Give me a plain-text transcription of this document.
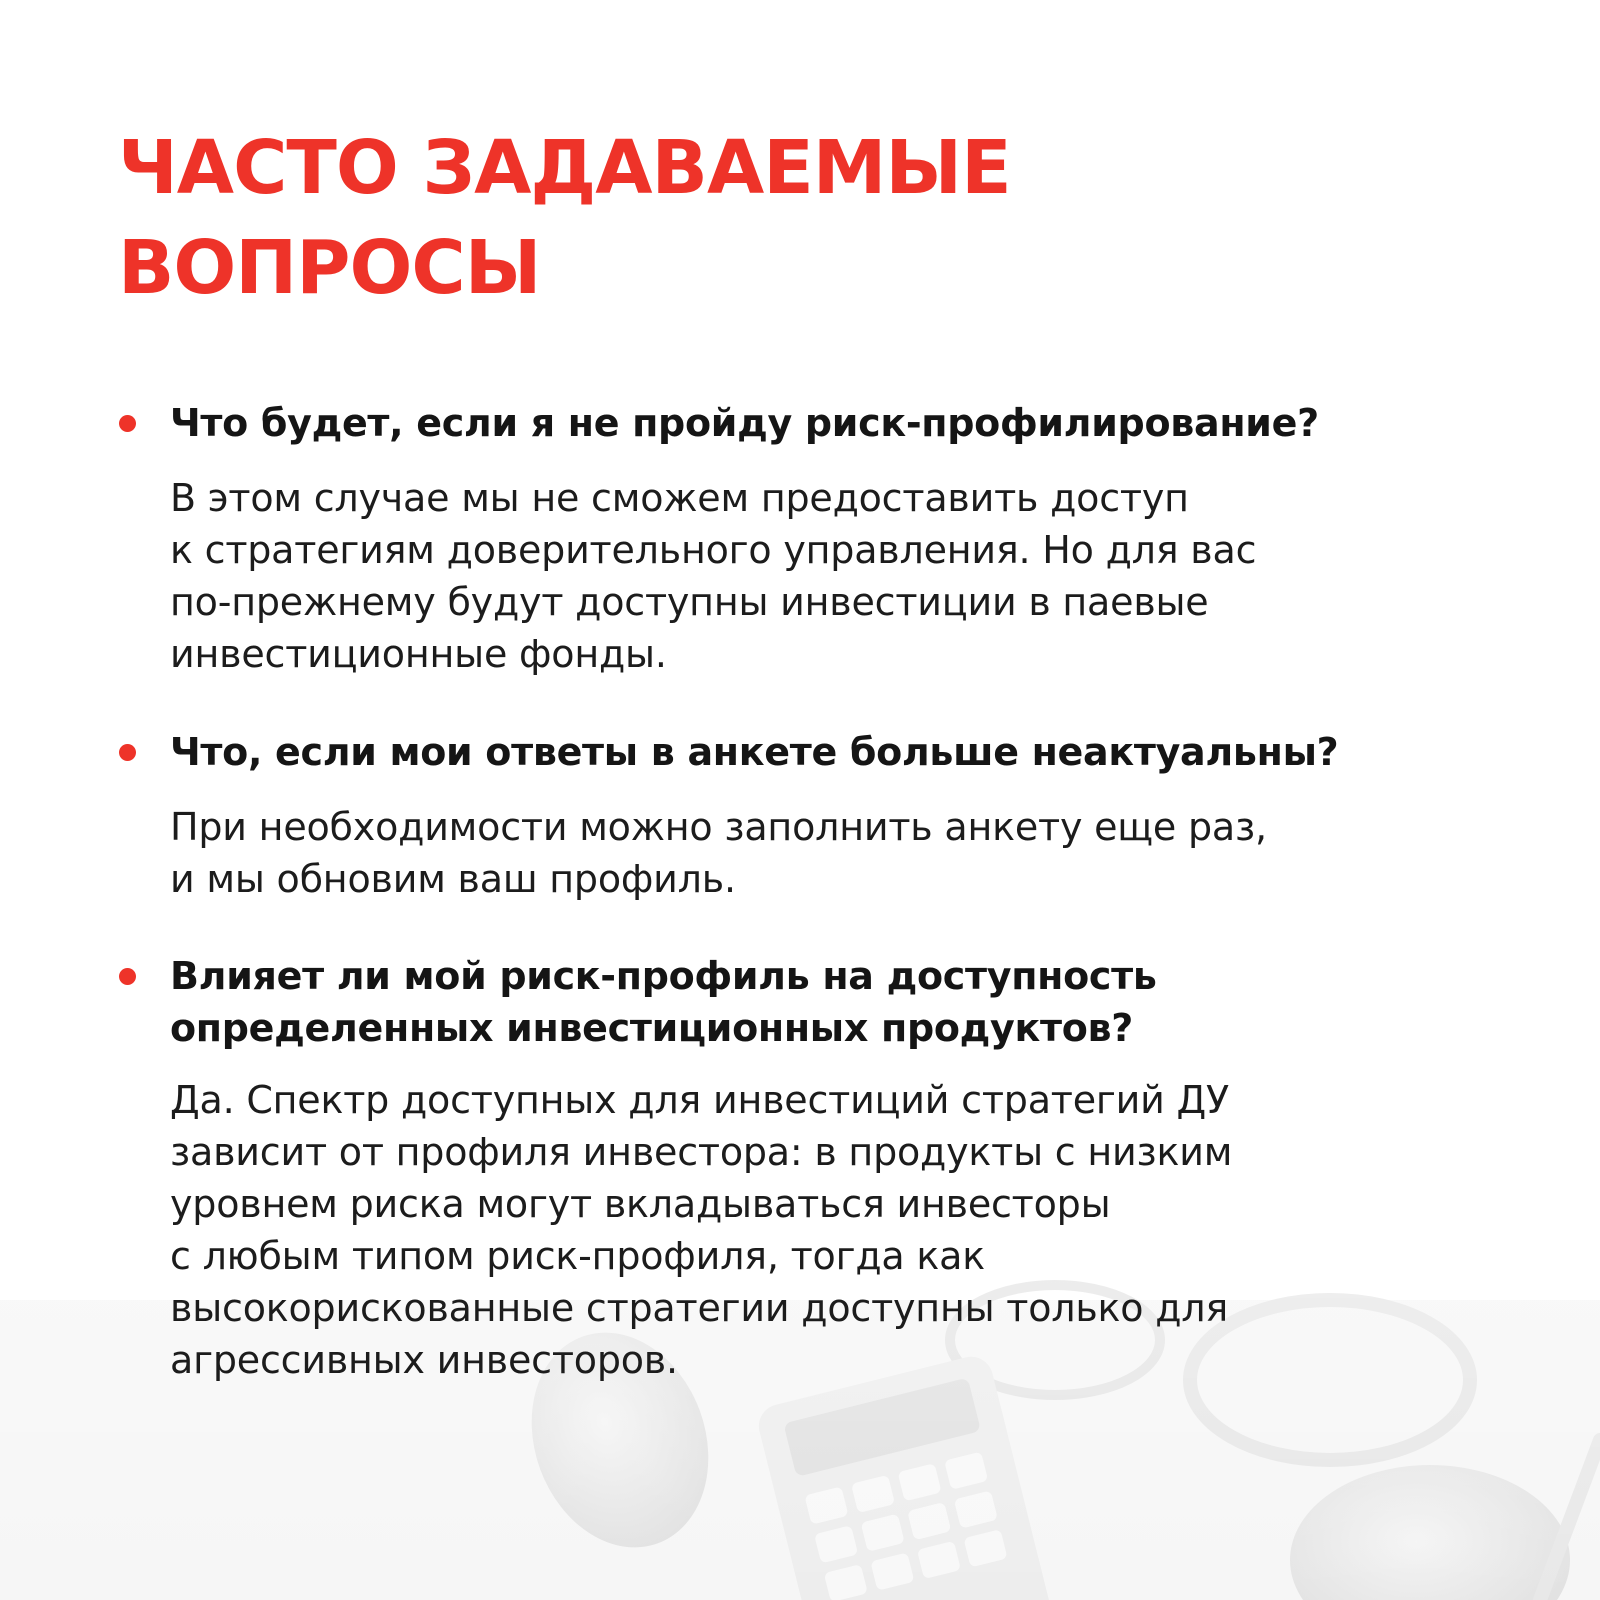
ЧАСТО ЗАДАВАЕМЫЕ
ВОПРОСЫ
Что будет, если я не пройду риск-профилирование?

В этом случае мы не сможем предоставить доступ
к стратегиям доверительного управления. Но для вас
по-прежнему будут доступны инвестиции в паевые
инвестиционные фонды.

Что, если мои ответы в анкете больше неактуальны?

При необходимости можно заполнить анкету еще раз,
и мы обновим ваш профиль.

Влияет ли мой риск-профиль на доступность
определенных инвестиционных продуктов?

Да. Спектр доступных для инвестиций стратегий ДУ
зависит от профиля инвестора: в продукты с низким
уровнем риска могут вкладываться инвесторы
с любым типом риск-профиля, тогда как
высокорискованные стратегии доступны только для
агрессивных инвесторов.
